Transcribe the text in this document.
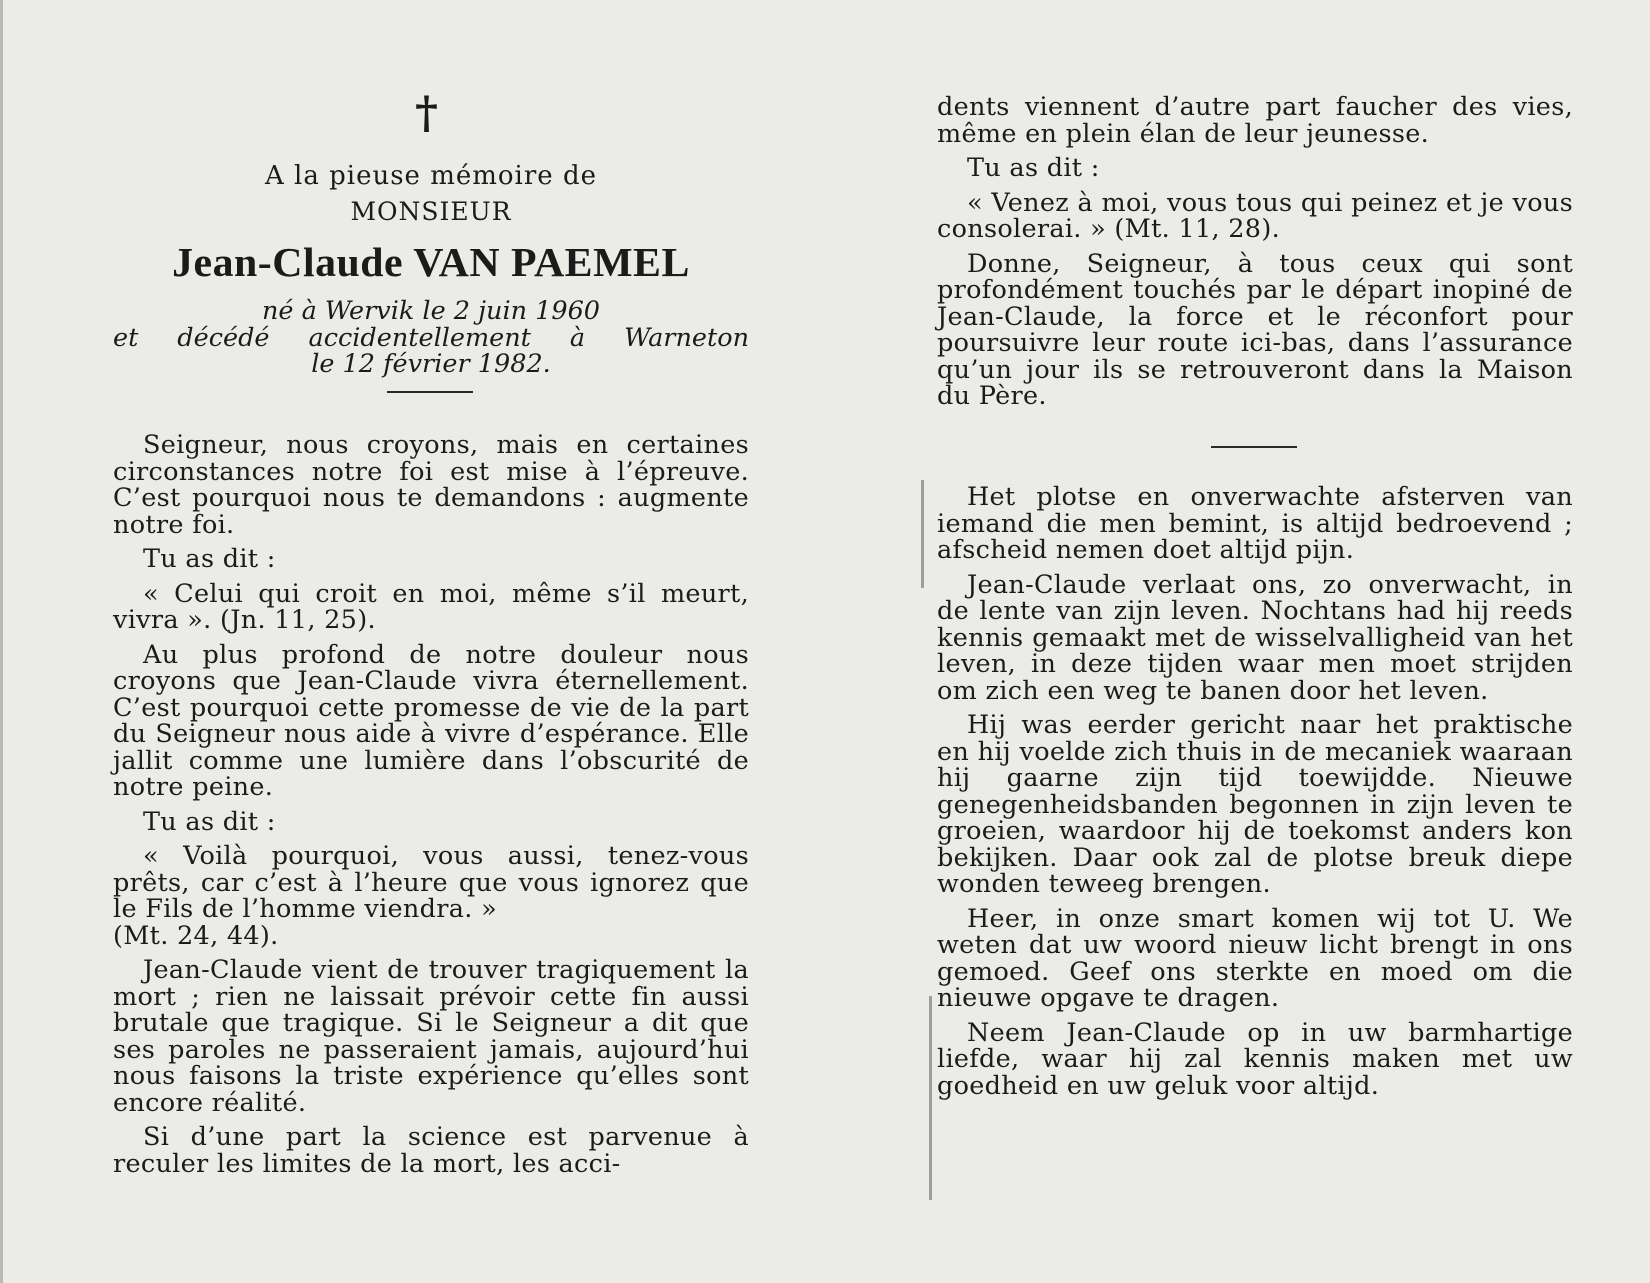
†
A la pieuse mémoire de
MONSIEUR
Jean-Claude VAN PAEMEL
né à Wervik le 2 juin 1960
et décédé accidentellement à Warneton
le 12 février 1982.

Seigneur, nous croyons, mais en certaines circonstances notre foi est mise à l’épreuve. C’est pourquoi nous te demandons : augmente notre foi.

Tu as dit :

« Celui qui croit en moi, même s’il meurt, vivra ». (Jn. 11, 25).

Au plus profond de notre douleur nous croyons que Jean-Claude vivra éternellement. C’est pourquoi cette promesse de vie de la part du Seigneur nous aide à vivre d’espérance. Elle jallit comme une lumière dans l’obscurité de notre peine.

Tu as dit :

« Voilà pourquoi, vous aussi, tenez-vous prêts, car c’est à l’heure que vous ignorez que le Fils de l’homme viendra. »

(Mt. 24, 44).

Jean-Claude vient de trouver tragiquement la mort ; rien ne laissait prévoir cette fin aussi brutale que tragique. Si le Seigneur a dit que ses paroles ne passeraient jamais, aujourd’hui nous faisons la triste expérience qu’elles sont encore réalité.

Si d’une part la science est parvenue à reculer les limites de la mort, les acci-

dents viennent d’autre part faucher des vies, même en plein élan de leur jeunesse.

Tu as dit :

« Venez à moi, vous tous qui peinez et je vous consolerai. » (Mt. 11, 28).

Donne, Seigneur, à tous ceux qui sont profondément touchés par le départ inopiné de Jean-Claude, la force et le réconfort pour poursuivre leur route ici-bas, dans l’assurance qu’un jour ils se retrouveront dans la Maison du Père.

Het plotse en onverwachte afsterven van iemand die men bemint, is altijd bedroevend ; afscheid nemen doet altijd pijn.

Jean-Claude verlaat ons, zo onverwacht, in de lente van zijn leven. Nochtans had hij reeds kennis gemaakt met de wisselvalligheid van het leven, in deze tijden waar men moet strijden om zich een weg te banen door het leven.

Hij was eerder gericht naar het praktische en hij voelde zich thuis in de mecaniek waaraan hij gaarne zijn tijd toewijdde. Nieuwe genegenheidsbanden begonnen in zijn leven te groeien, waardoor hij de toekomst anders kon bekijken. Daar ook zal de plotse breuk diepe wonden teweeg brengen.

Heer, in onze smart komen wij tot U. We weten dat uw woord nieuw licht brengt in ons gemoed. Geef ons sterkte en moed om die nieuwe opgave te dragen.

Neem Jean-Claude op in uw barmhartige liefde, waar hij zal kennis maken met uw goedheid en uw geluk voor altijd.
